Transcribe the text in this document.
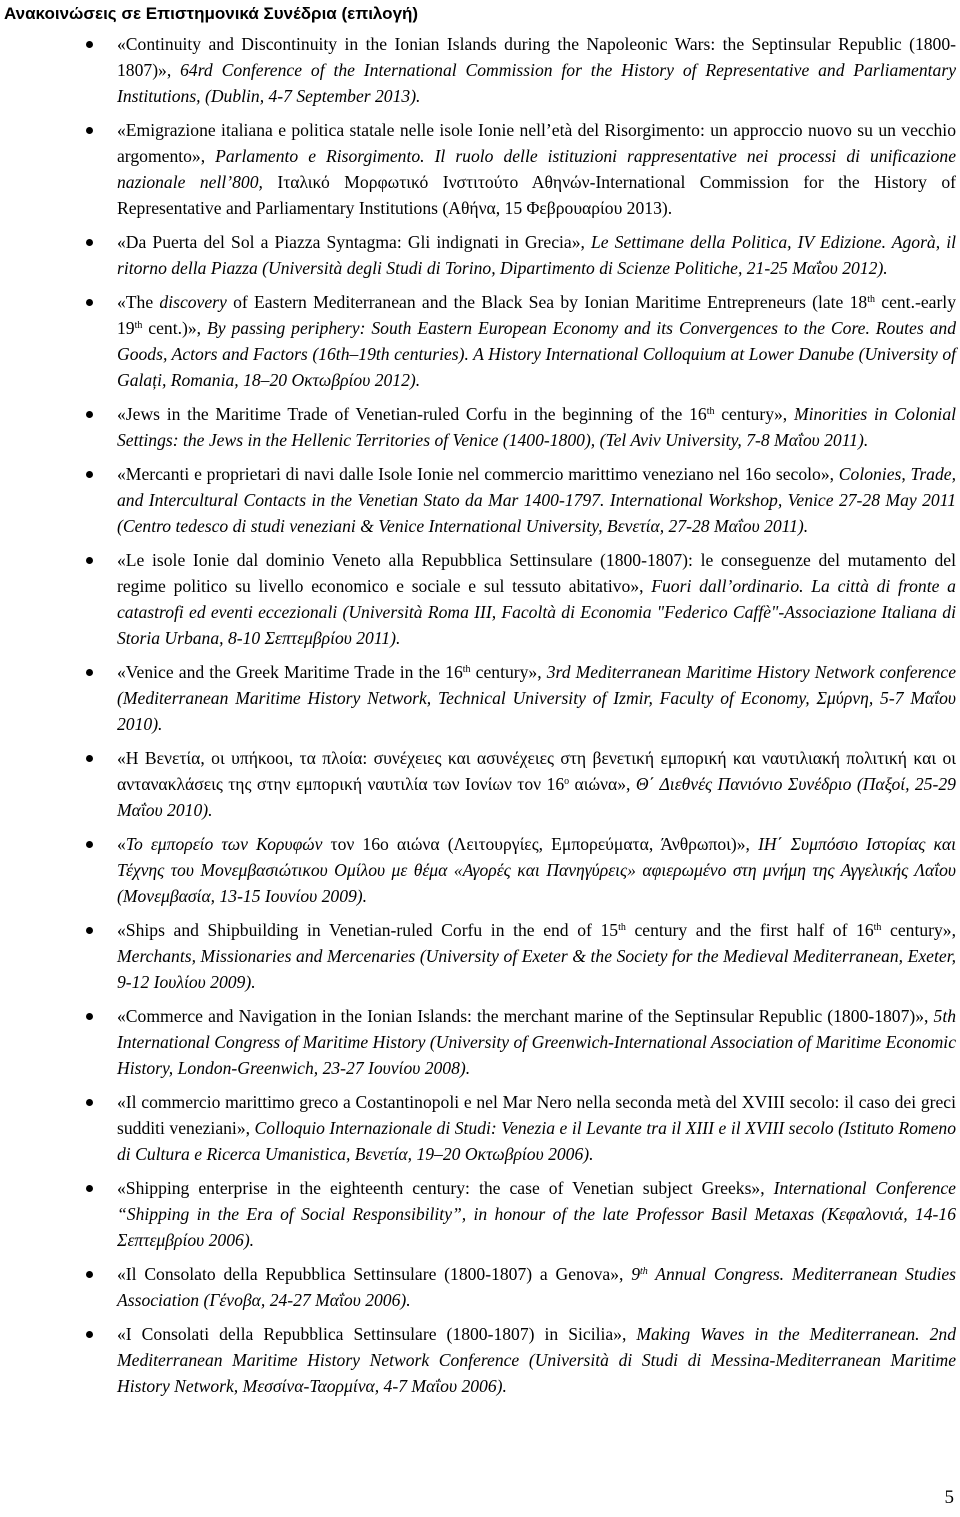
Ανακοινώσεις σε Επιστημονικά Συνέδρια (επιλογή)
«Continuity and Discontinuity in the Ionian Islands during the Napoleonic Wars: the Septinsular Republic (1800-1807)», 64rd Conference of the International Commission for the History of Representative and Parliamentary Institutions, (Dublin, 4-7 September 2013).
«Emigrazione italiana e politica statale nelle isole Ionie nell’età del Risorgimento: un approccio nuovo su un vecchio argomento», Parlamento e Risorgimento. Il ruolo delle istituzioni rappresentative nei processi di unificazione nazionale nell’800, Ιταλικό Μορφωτικό Ινστιτούτο Αθηνών-International Commission for the History of Representative and Parliamentary Institutions (Αθήνα, 15 Φεβρουαρίου 2013).
«Da Puerta del Sol a Piazza Syntagma: Gli indignati in Grecia», Le Settimane della Politica, IV Edizione. Agorà, il ritorno della Piazza (Università degli Studi di Torino, Dipartimento di Scienze Politiche, 21-25 Μαΐου 2012).
«The discovery of Eastern Mediterranean and the Black Sea by Ionian Maritime Entrepreneurs (late 18th cent.-early 19th cent.)», By passing periphery: South Eastern European Economy and its Convergences to the Core. Routes and Goods, Actors and Factors (16th–19th centuries). A History International Colloquium at Lower Danube (University of Galați, Romania, 18–20 Οκτωβρίου 2012).
«Jews in the Maritime Trade of Venetian-ruled Corfu in the beginning of the 16th century», Minorities in Colonial Settings: the Jews in the Hellenic Territories of Venice (1400-1800), (Tel Aviv University, 7-8 Μαΐου 2011).
«Mercanti e proprietari di navi dalle Isole Ionie nel commercio marittimo veneziano nel 16o secolo», Colonies, Trade, and Intercultural Contacts in the Venetian Stato da Mar 1400-1797. International Workshop, Venice 27-28 May 2011 (Centro tedesco di studi veneziani & Venice International University, Βενετία, 27-28 Μαΐου 2011).
«Le isole Ionie dal dominio Veneto alla Repubblica Settinsulare (1800-1807): le conseguenze del mutamento del regime politico su livello economico e sociale e sul tessuto abitativo», Fuori dall’ordinario. La città di fronte a catastrofi ed eventi eccezionali (Università Roma III, Facoltà di Economia "Federico Caffè"-Associazione Italiana di Storia Urbana, 8-10 Σεπτεμβρίου 2011).
«Venice and the Greek Maritime Trade in the 16th century», 3rd Mediterranean Maritime History Network conference (Mediterranean Maritime History Network, Technical University of Izmir, Faculty of Economy, Σμύρνη, 5-7 Μαΐου 2010).
«Η Βενετία, οι υπήκοοι, τα πλοία: συνέχειες και ασυνέχειες στη βενετική εμπορική και ναυτιλιακή πολιτική και οι αντανακλάσεις της στην εμπορική ναυτιλία των Ιονίων τον $16^o$ αιώνα», Θ΄ Διεθνές Πανιόνιο Συνέδριο (Παξοί, 25-29 Μαΐου 2010).
«Το εμπορείο των Κορυφών τον 16ο αιώνα (Λειτουργίες, Εμπορεύματα, Άνθρωποι)», ΙΗ΄ Συμπόσιο Ιστορίας και Τέχνης του Μονεμβασιώτικου Ομίλου με θέμα «Αγορές και Πανηγύρεις» αφιερωμένο στη μνήμη της Αγγελικής Λαΐου (Μονεμβασία, 13-15 Ιουνίου 2009).
«Ships and Shipbuilding in Venetian-ruled Corfu in the end of 15th century and the first half of 16th century», Merchants, Missionaries and Mercenaries (University of Exeter & the Society for the Medieval Mediterranean, Exeter, 9-12 Ιουλίου 2009).
«Commerce and Navigation in the Ionian Islands: the merchant marine of the Septinsular Republic (1800-1807)», 5th International Congress of Maritime History (University of Greenwich-International Association of Maritime Economic History, London-Greenwich, 23-27 Ιουνίου 2008).
«Il commercio marittimo greco a Costantinopoli e nel Mar Nero nella seconda metà del XVIII secolo: il caso dei greci sudditi veneziani», Colloquio Internazionale di Studi: Venezia e il Levante tra il XIII e il XVIII secolo (Istituto Romeno di Cultura e Ricerca Umanistica, Βενετία, 19–20 Οκτωβρίου 2006).
«Shipping enterprise in the eighteenth century: the case of Venetian subject Greeks», International Conference “Shipping in the Era of Social Responsibility”, in honour of the late Professor Basil Metaxas (Κεφαλονιά, 14-16 Σεπτεμβρίου 2006).
«Il Consolato della Repubblica Settinsulare (1800-1807) a Genova», 9th Annual Congress. Mediterranean Studies Association (Γένοβα, 24-27 Μαΐου 2006).
«I Consolati della Repubblica Settinsulare (1800-1807) in Sicilia», Making Waves in the Mediterranean. 2nd Mediterranean Maritime History Network Conference (Università di Studi di Messina-Mediterranean Maritime History Network, Μεσσίνα-Ταορμίνα, 4-7 Μαΐου 2006).
5
